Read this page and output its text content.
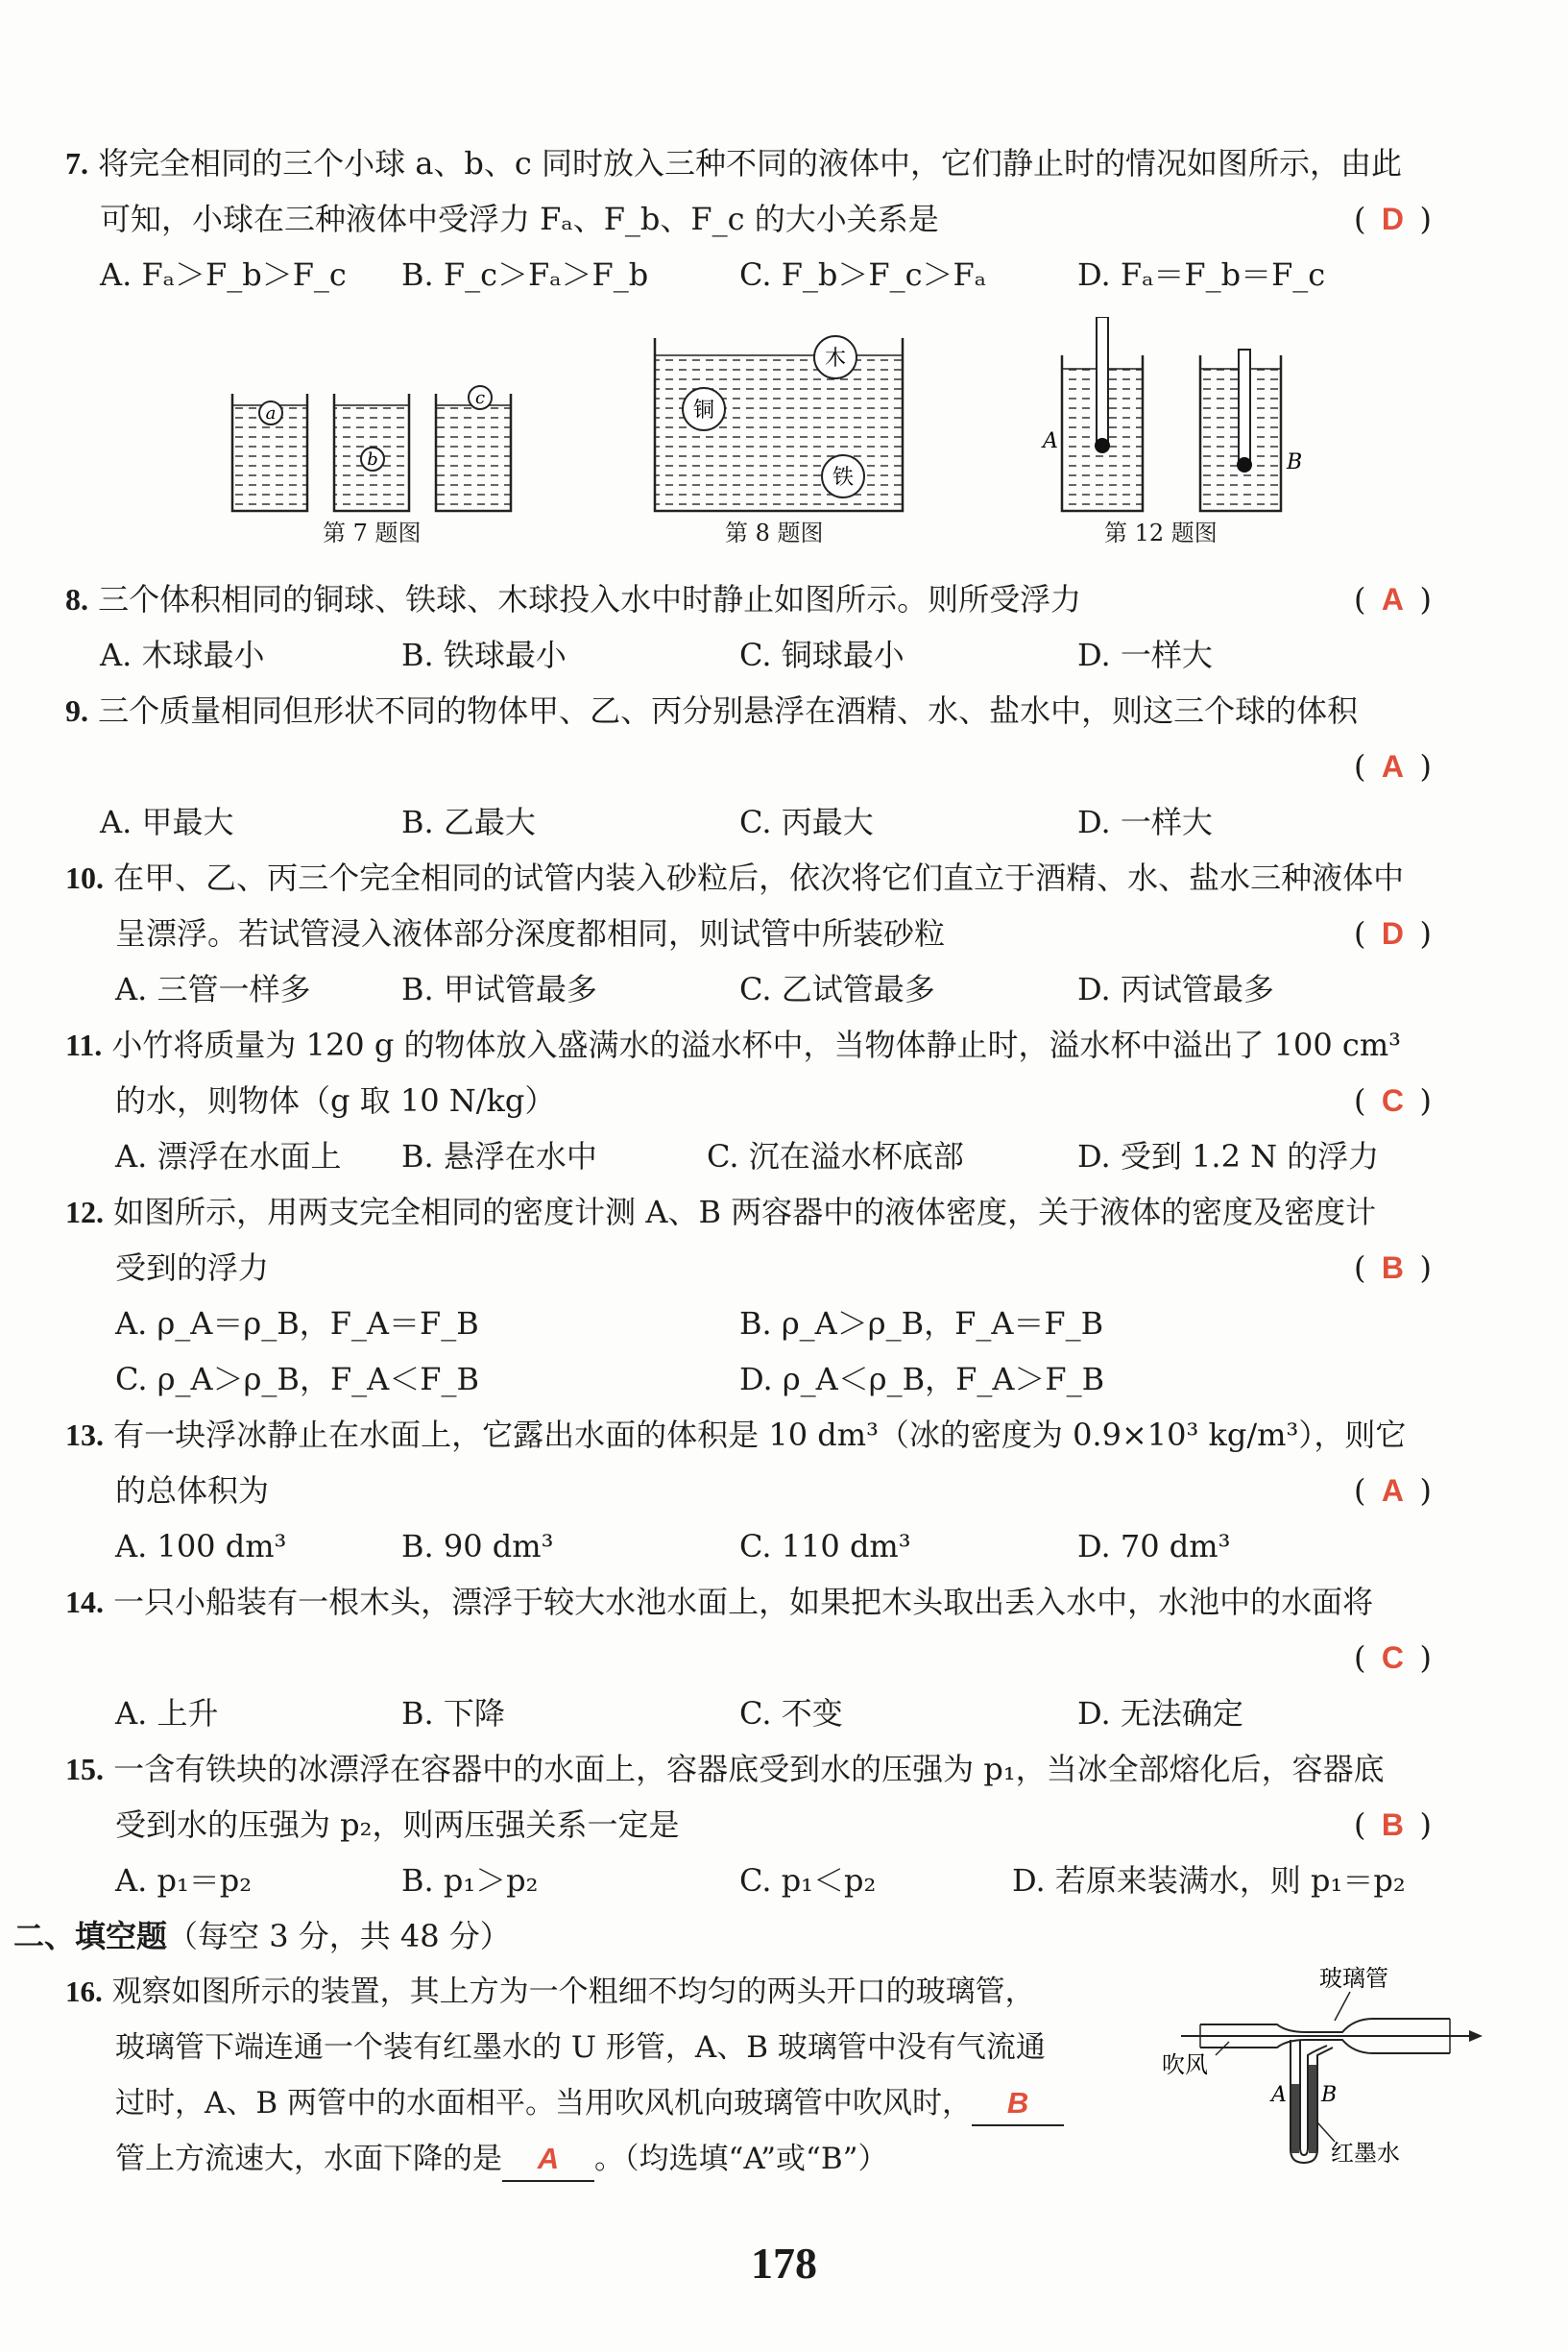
7. 将完全相同的三个小球 a、b、c 同时放入三种不同的液体中，它们静止时的情况如图所示，由此
可知，小球在三种液体中受浮力 Fₐ、F_b、F_c 的大小关系是	( D )
A. Fₐ＞F_b＞F_c B. F_c＞Fₐ＞F_b	C. F_b＞F_c＞Fₐ	D. Fₐ＝F_b＝F_c
a
b
c
木
铜
铁
A
B
第 7 题图	第 8 题图	第 12 题图
8. 三个体积相同的铜球、铁球、木球投入水中时静止如图所示。则所受浮力	( A )
A. 木球最小	B. 铁球最小	C. 铜球最小	D. 一样大
9. 三个质量相同但形状不同的物体甲、乙、丙分别悬浮在酒精、水、盐水中，则这三个球的体积
( A )
A. 甲最大	B. 乙最大	C. 丙最大	D. 一样大
10. 在甲、乙、丙三个完全相同的试管内装入砂粒后，依次将它们直立于酒精、水、盐水三种液体中
呈漂浮。若试管浸入液体部分深度都相同，则试管中所装砂粒	( D )
A. 三管一样多	B. 甲试管最多	C. 乙试管最多	D. 丙试管最多
11. 小竹将质量为 120 g 的物体放入盛满水的溢水杯中，当物体静止时，溢水杯中溢出了 100 cm³
的水，则物体（g 取 10 N/kg）	( C )
A. 漂浮在水面上 B. 悬浮在水中	C. 沉在溢水杯底部	D. 受到 1.2 N 的浮力
12. 如图所示，用两支完全相同的密度计测 A、B 两容器中的液体密度，关于液体的密度及密度计
受到的浮力	( B )
A. ρ_A＝ρ_B，F_A＝F_B	B. ρ_A＞ρ_B，F_A＝F_B
C. ρ_A＞ρ_B，F_A＜F_B	D. ρ_A＜ρ_B，F_A＞F_B
13. 有一块浮冰静止在水面上，它露出水面的体积是 10 dm³（冰的密度为 0.9×10³ kg/m³），则它
的总体积为	( A )
A. 100 dm³	B. 90 dm³	C. 110 dm³	D. 70 dm³
14. 一只小船装有一根木头，漂浮于较大水池水面上，如果把木头取出丢入水中，水池中的水面将
( C )
A. 上升	B. 下降	C. 不变	D. 无法确定
15. 一含有铁块的冰漂浮在容器中的水面上，容器底受到水的压强为 p₁，当冰全部熔化后，容器底
受到水的压强为 p₂，则两压强关系一定是	( B )
A. p₁＝p₂	B. p₁＞p₂	C. p₁＜p₂	D. 若原来装满水，则 p₁＝p₂
二、填空题（每空 3 分，共 48 分）
16. 观察如图所示的装置，其上方为一个粗细不均匀的两头开口的玻璃管，
玻璃管下端连通一个装有红墨水的 U 形管，A、B 玻璃管中没有气流通
过时，A、B 两管中的水面相平。当用吹风机向玻璃管中吹风时， B
管上方流速大，水面下降的是 A 。（均选填“A”或“B”）
玻璃管
吹风
A B
红墨水
178
